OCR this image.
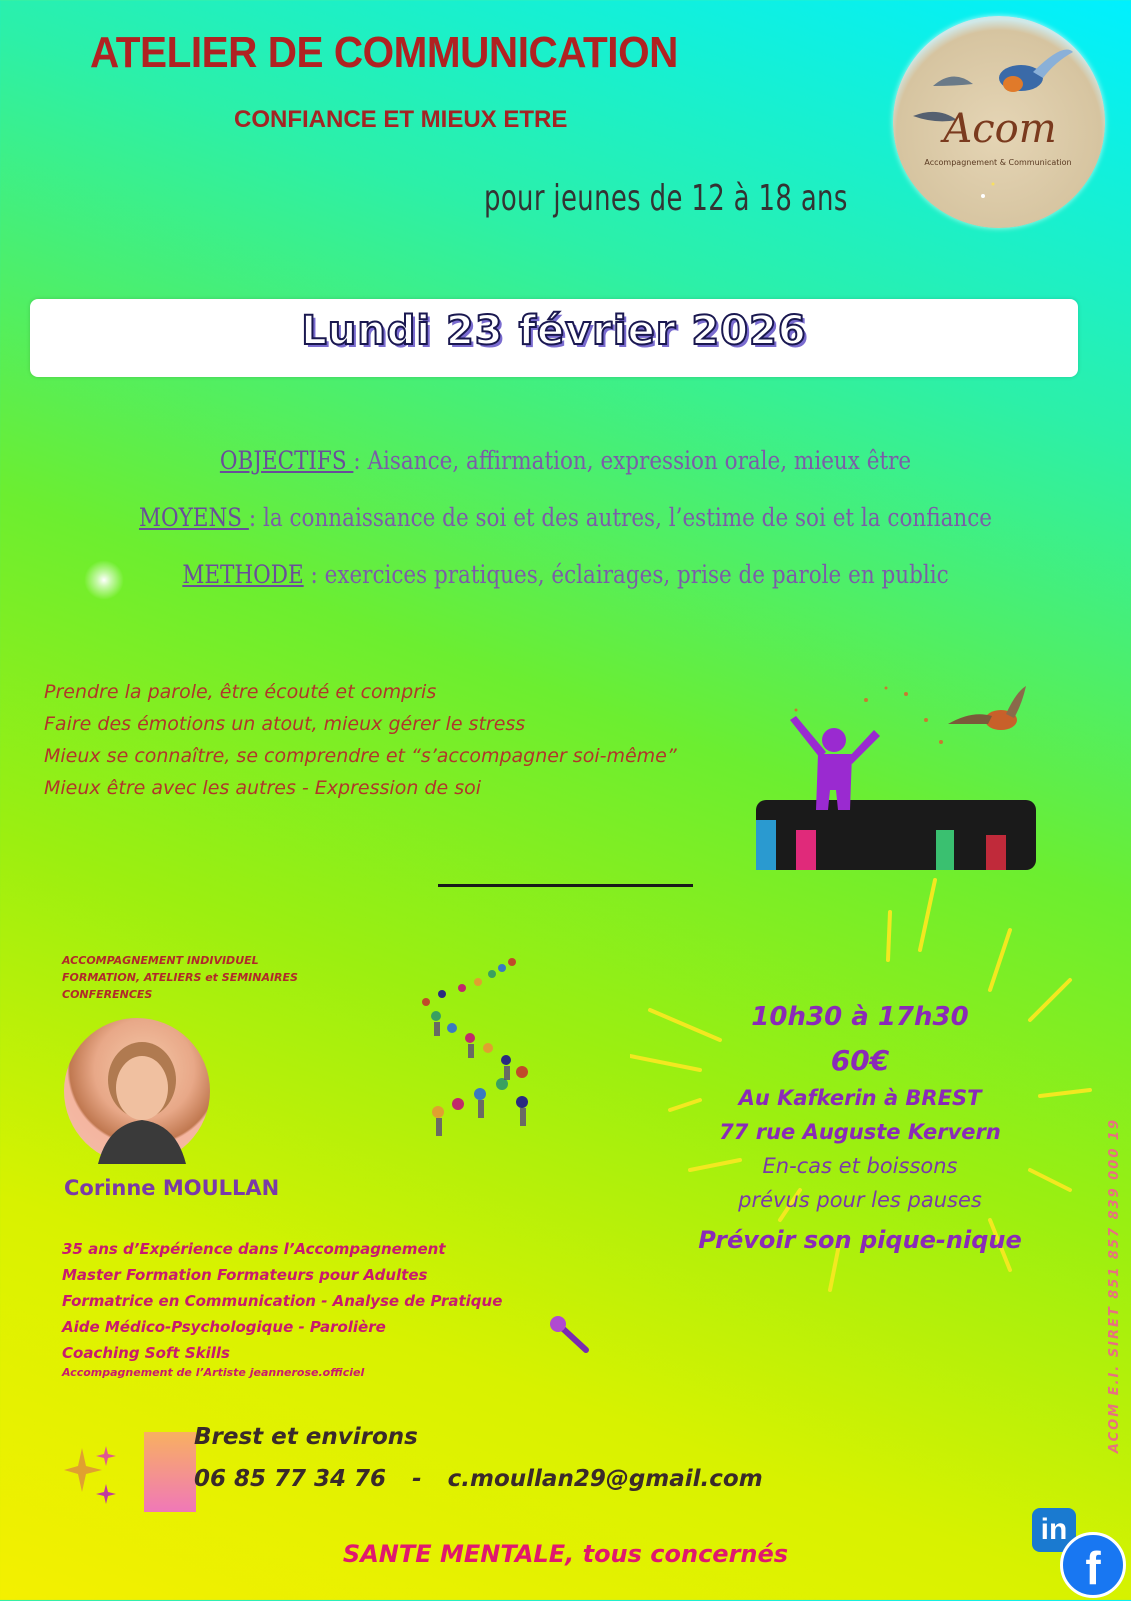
ATELIER DE COMMUNICATION
CONFIANCE ET MIEUX ETRE
pour jeunes de 12 à 18 ans
Acom
Accompagnement & Communication
Lundi 23 février 2026
OBJECTIFS : Aisance, affirmation, expression orale, mieux être
MOYENS : la connaissance de soi et des autres, l’estime de soi et la confiance
METHODE : exercices pratiques, éclairages, prise de parole en public
Prendre la parole, être écouté et compris
Faire des émotions un atout, mieux gérer le stress
Mieux se connaître, se comprendre et “s’accompagner soi-même”
Mieux être avec les autres - Expression de soi
ACCOMPAGNEMENT INDIVIDUEL
FORMATION, ATELIERS et SEMINAIRES
CONFERENCES
Corinne MOULLAN
35 ans d’Expérience dans l’Accompagnement
Master Formation Formateurs pour Adultes
Formatrice en Communication - Analyse de Pratique
Aide Médico-Psychologique - Parolière
Coaching Soft Skills
Accompagnement de l’Artiste jeannerose.officiel
10h30 à 17h30
60€
Au Kafkerin à BREST
77 rue Auguste Kervern
En-cas et boissons
prévus pour les pauses
Prévoir son pique-nique
Brest et environs
06 85 77 34 76 - c.moullan29@gmail.com
SANTE MENTALE, tous concernés
ACOM E.I. SIRET 851 857 839 000 19
in
f
